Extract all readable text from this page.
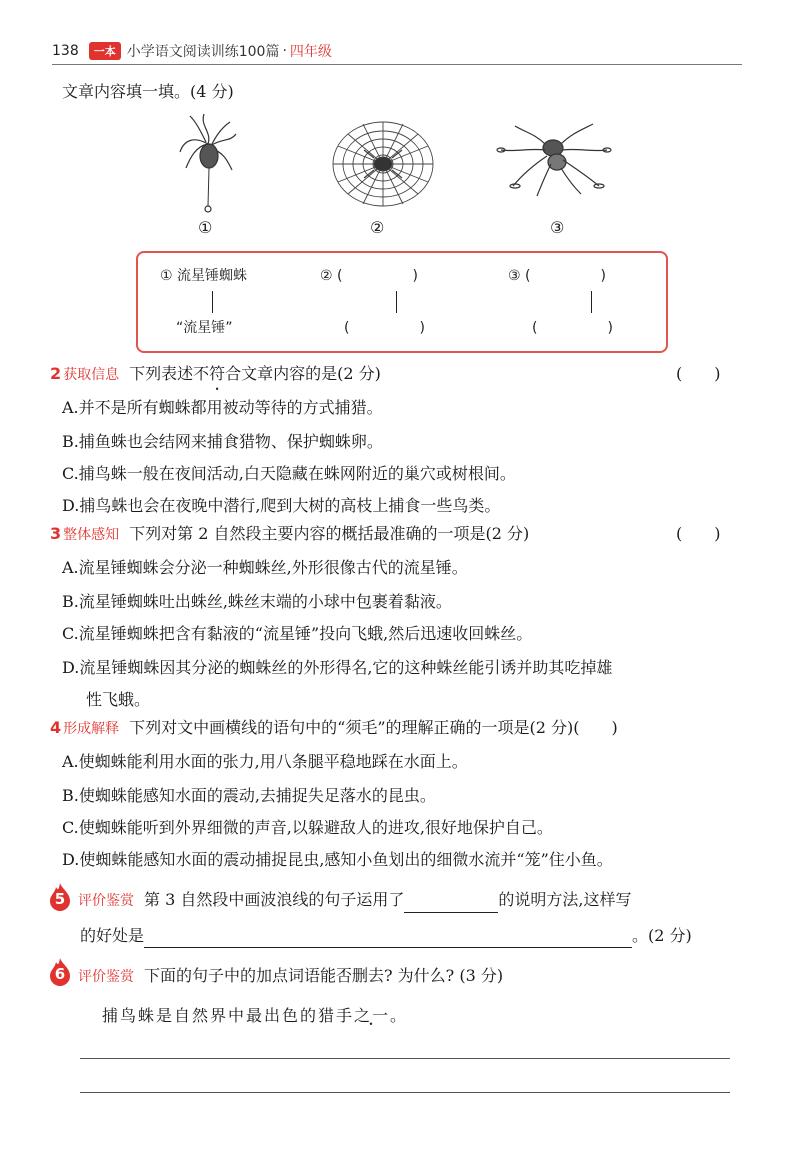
138	一本 小学语文阅读训练100篇 · 四年级
文章内容填一填。(4 分)
①	②	③
① 流星锤蜘蛛	② (　　　　　)	③ (　　　　　)
“流星锤”	(　　　　　)	(　　　　　)
2 获取信息 下列表述不符合文章内容的是(2 分)	(　　)
A.并不是所有蜘蛛都用被动等待的方式捕猎。
B.捕鱼蛛也会结网来捕食猎物、保护蜘蛛卵。
C.捕鸟蛛一般在夜间活动,白天隐藏在蛛网附近的巢穴或树根间。
D.捕鸟蛛也会在夜晚中潜行,爬到大树的高枝上捕食一些鸟类。
3 整体感知 下列对第 2 自然段主要内容的概括最准确的一项是(2 分)	(　　)
A.流星锤蜘蛛会分泌一种蜘蛛丝,外形很像古代的流星锤。
B.流星锤蜘蛛吐出蛛丝,蛛丝末端的小球中包裹着黏液。
C.流星锤蜘蛛把含有黏液的“流星锤”投向飞蛾,然后迅速收回蛛丝。
D.流星锤蜘蛛因其分泌的蜘蛛丝的外形得名,它的这种蛛丝能引诱并助其吃掉雄
性飞蛾。
4 形成解释 下列对文中画横线的语句中的“须毛”的理解正确的一项是(2 分)(　　)
A.使蜘蛛能利用水面的张力,用八条腿平稳地踩在水面上。
B.使蜘蛛能感知水面的震动,去捕捉失足落水的昆虫。
C.使蜘蛛能听到外界细微的声音,以躲避敌人的进攻,很好地保护自己。
D.使蜘蛛能感知水面的震动捕捉昆虫,感知小鱼划出的细微水流并“笼”住小鱼。
5 评价鉴赏 第 3 自然段中画波浪线的句子运用了	的说明方法,这样写
的好处是	。(2 分)
6 评价鉴赏 下面的句子中的加点词语能否删去? 为什么? (3 分)
捕鸟蛛是自然界中最出色的猎手之一。
